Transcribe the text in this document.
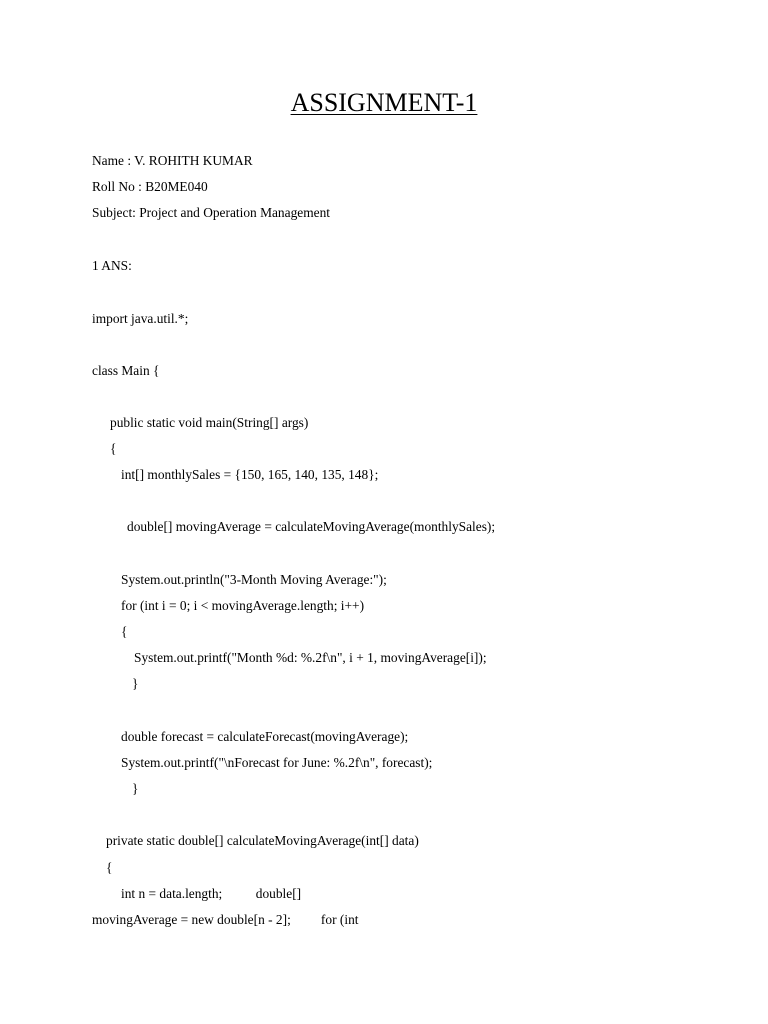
ASSIGNMENT-1
Name : V. ROHITH KUMAR
Roll No : B20ME040
Subject: Project and Operation Management
1 ANS:
import java.util.*;
class Main {
public static void main(String[] args)
{
int[] monthlySales = {150, 165, 140, 135, 148};
double[] movingAverage = calculateMovingAverage(monthlySales);
System.out.println("3-Month Moving Average:");
for (int i = 0; i < movingAverage.length; i++)
{
System.out.printf("Month %d: %.2f\n", i + 1, movingAverage[i]);
}
double forecast = calculateForecast(movingAverage);
System.out.printf("\nForecast for June: %.2f\n", forecast);
}
private static double[] calculateMovingAverage(int[] data)
{
int n = data.length;          double[]
movingAverage = new double[n - 2];         for (int
